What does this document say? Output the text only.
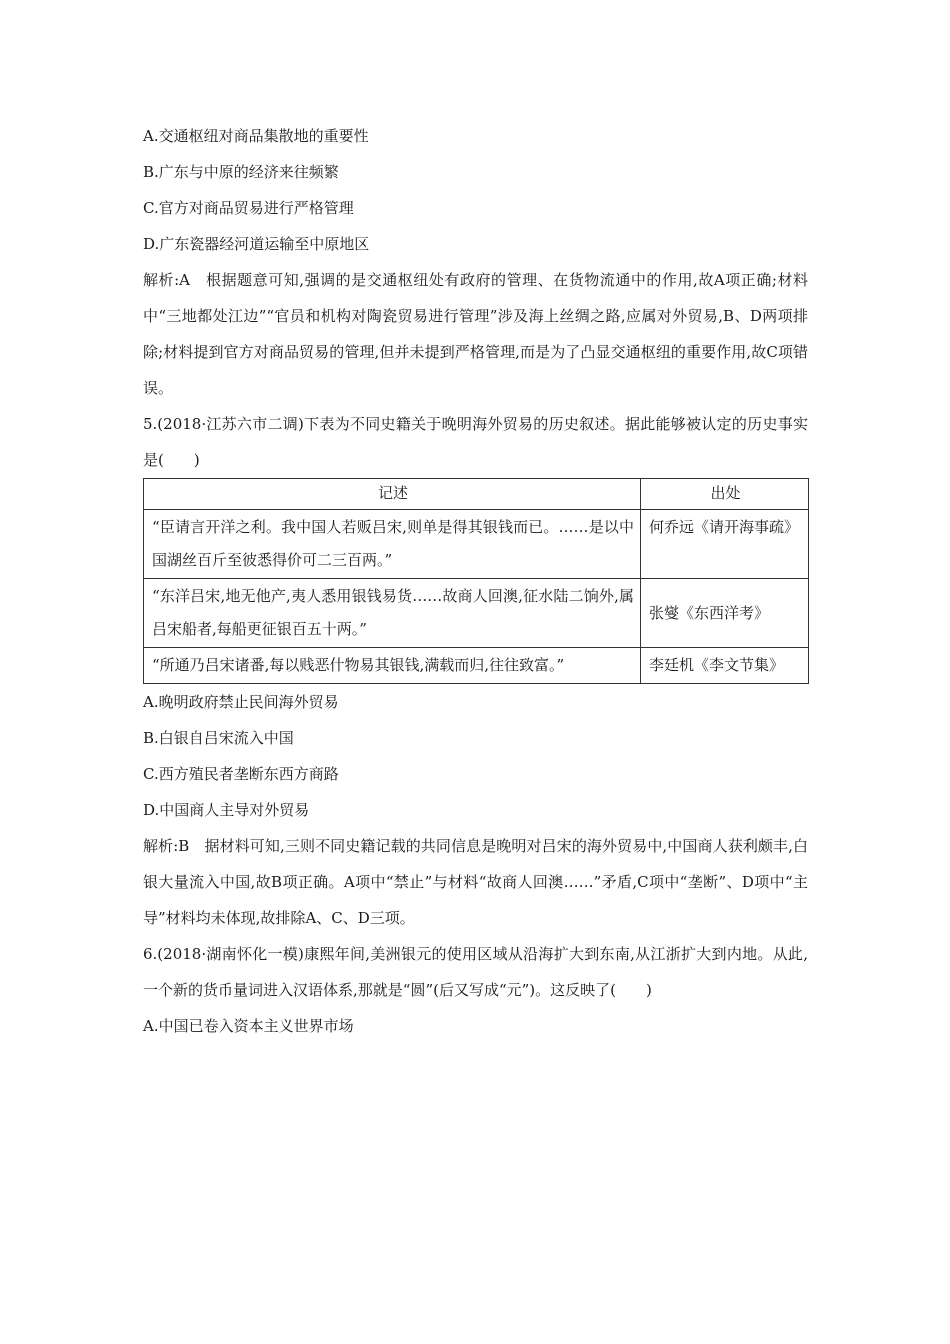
A.交通枢纽对商品集散地的重要性
B.广东与中原的经济来往频繁
C.官方对商品贸易进行严格管理
D.广东瓷器经河道运输至中原地区
解析:A　根据题意可知,强调的是交通枢纽处有政府的管理、在货物流通中的作用,故A项正确;材料中“三地都处江边”“官员和机构对陶瓷贸易进行管理”涉及海上丝绸之路,应属对外贸易,B、D两项排除;材料提到官方对商品贸易的管理,但并未提到严格管理,而是为了凸显交通枢纽的重要作用,故C项错误。
5.(2018·江苏六市二调)下表为不同史籍关于晚明海外贸易的历史叙述。据此能够被认定的历史事实是(　　)
记述	出处
“臣请言开洋之利。我中国人若贩吕宋,则单是得其银钱而已。……是以中国湖丝百斤至彼悉得价可二三百两。”	何乔远《请开海事疏》
“东洋吕宋,地无他产,夷人悉用银钱易货……故商人回澳,征水陆二饷外,属吕宋船者,每船更征银百五十两。”	张燮《东西洋考》
“所通乃吕宋诸番,每以贱恶什物易其银钱,满载而归,往往致富。”	李廷机《李文节集》
A.晚明政府禁止民间海外贸易
B.白银自吕宋流入中国
C.西方殖民者垄断东西方商路
D.中国商人主导对外贸易
解析:B　据材料可知,三则不同史籍记载的共同信息是晚明对吕宋的海外贸易中,中国商人获利颇丰,白银大量流入中国,故B项正确。A项中“禁止”与材料“故商人回澳……”矛盾,C项中“垄断”、D项中“主导”材料均未体现,故排除A、C、D三项。
6.(2018·湖南怀化一模)康熙年间,美洲银元的使用区域从沿海扩大到东南,从江浙扩大到内地。从此,一个新的货币量词进入汉语体系,那就是“圆”(后又写成“元”)。这反映了(　　)
A.中国已卷入资本主义世界市场
